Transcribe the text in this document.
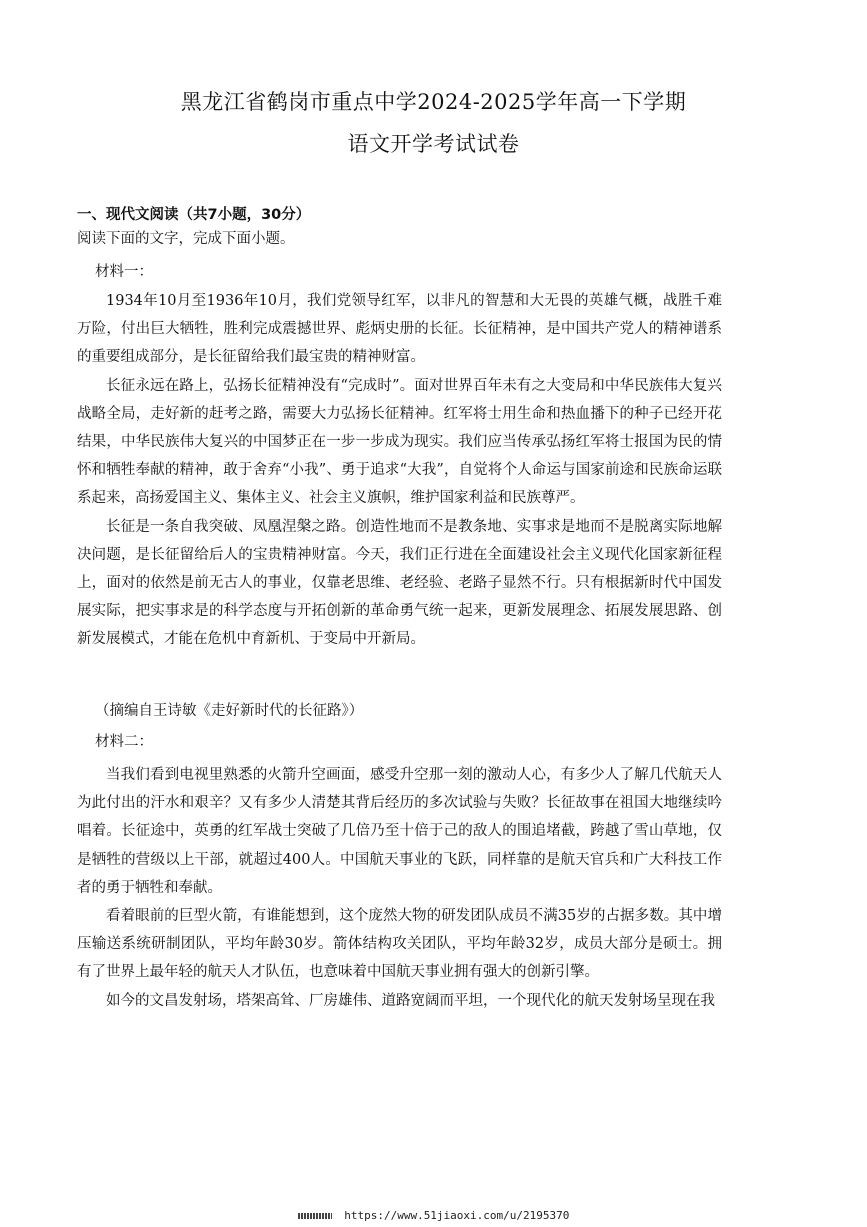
黑龙江省鹤岗市重点中学2024-2025学年高一下学期
语文开学考试试卷
一、现代文阅读（共7小题，30分）
阅读下面的文字，完成下面小题。
材料一：

1934年10月至1936年10月，我们党领导红军，以非凡的智慧和大无畏的英雄气概，战胜千难万险，付出巨大牺牲，胜利完成震撼世界、彪炳史册的长征。长征精神，是中国共产党人的精神谱系的重要组成部分，是长征留给我们最宝贵的精神财富。

长征永远在路上，弘扬长征精神没有“完成时”。面对世界百年未有之大变局和中华民族伟大复兴战略全局，走好新的赶考之路，需要大力弘扬长征精神。红军将士用生命和热血播下的种子已经开花结果，中华民族伟大复兴的中国梦正在一步一步成为现实。我们应当传承弘扬红军将士报国为民的情怀和牺牲奉献的精神，敢于舍弃“小我”、勇于追求“大我”，自觉将个人命运与国家前途和民族命运联系起来，高扬爱国主义、集体主义、社会主义旗帜，维护国家利益和民族尊严。

长征是一条自我突破、凤凰涅槃之路。创造性地而不是教条地、实事求是地而不是脱离实际地解决问题，是长征留给后人的宝贵精神财富。今天，我们正行进在全面建设社会主义现代化国家新征程上，面对的依然是前无古人的事业，仅靠老思维、老经验、老路子显然不行。只有根据新时代中国发展实际，把实事求是的科学态度与开拓创新的革命勇气统一起来，更新发展理念、拓展发展思路、创新发展模式，才能在危机中育新机、于变局中开新局。

（摘编自王诗敏《走好新时代的长征路》）
材料二：

当我们看到电视里熟悉的火箭升空画面，感受升空那一刻的激动人心，有多少人了解几代航天人为此付出的汗水和艰辛？又有多少人清楚其背后经历的多次试验与失败？长征故事在祖国大地继续吟唱着。长征途中，英勇的红军战士突破了几倍乃至十倍于己的敌人的围追堵截，跨越了雪山草地，仅是牺牲的营级以上干部，就超过400人。中国航天事业的飞跃，同样靠的是航天官兵和广大科技工作者的勇于牺牲和奉献。

看着眼前的巨型火箭，有谁能想到，这个庞然大物的研发团队成员不满35岁的占据多数。其中增压输送系统研制团队，平均年龄30岁。箭体结构攻关团队，平均年龄32岁，成员大部分是硕士。拥有了世界上最年轻的航天人才队伍，也意味着中国航天事业拥有强大的创新引擎。

如今的文昌发射场，塔架高耸、厂房雄伟、道路宽阔而平坦，一个现代化的航天发射场呈现在我

https://www.51jiaoxi.com/u/2195370
